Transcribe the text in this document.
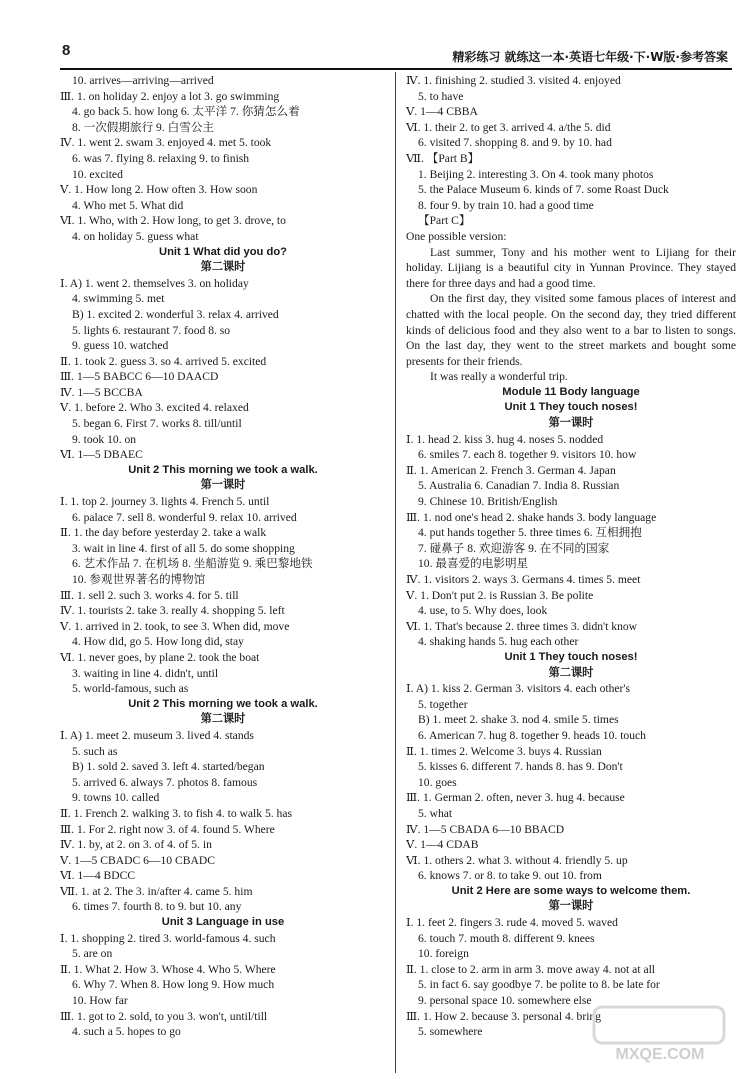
8	精彩练习 就练这一本·英语七年级·下·W版·参考答案
10. arrives—arriving—arrived
Ⅲ. 1. on holiday 2. enjoy a lot 3. go swimming
4. go back 5. how long 6. 太平洋 7. 你猜怎么着
8. 一次假期旅行 9. 白雪公主
Ⅳ. 1. went 2. swam 3. enjoyed 4. met 5. took
6. was 7. flying 8. relaxing 9. to finish
10. excited
Ⅴ. 1. How long 2. How often 3. How soon
4. Who met 5. What did
Ⅵ. 1. Who, with 2. How long, to get 3. drove, to
4. on holiday 5. guess what
Unit 1 What did you do?
第二课时
Ⅰ. A) 1. went 2. themselves 3. on holiday
4. swimming 5. met
B) 1. excited 2. wonderful 3. relax 4. arrived
5. lights 6. restaurant 7. food 8. so
9. guess 10. watched
Ⅱ. 1. took 2. guess 3. so 4. arrived 5. excited
Ⅲ. 1—5 BABCC 6—10 DAACD
Ⅳ. 1—5 BCCBA
Ⅴ. 1. before 2. Who 3. excited 4. relaxed
5. began 6. First 7. works 8. till/until
9. took 10. on
Ⅵ. 1—5 DBAEC
Unit 2 This morning we took a walk.
第一课时
Ⅰ. 1. top 2. journey 3. lights 4. French 5. until
6. palace 7. sell 8. wonderful 9. relax 10. arrived
Ⅱ. 1. the day before yesterday 2. take a walk
3. wait in line 4. first of all 5. do some shopping
6. 艺术作品 7. 在机场 8. 坐船游览 9. 乘巴黎地铁
10. 参观世界著名的博物馆
Ⅲ. 1. sell 2. such 3. works 4. for 5. till
Ⅳ. 1. tourists 2. take 3. really 4. shopping 5. left
Ⅴ. 1. arrived in 2. took, to see 3. When did, move
4. How did, go 5. How long did, stay
Ⅵ. 1. never goes, by plane 2. took the boat
3. waiting in line 4. didn't, until
5. world-famous, such as
Unit 2 This morning we took a walk.
第二课时
Ⅰ. A) 1. meet 2. museum 3. lived 4. stands
5. such as
B) 1. sold 2. saved 3. left 4. started/began
5. arrived 6. always 7. photos 8. famous
9. towns 10. called
Ⅱ. 1. French 2. walking 3. to fish 4. to walk 5. has
Ⅲ. 1. For 2. right now 3. of 4. found 5. Where
Ⅳ. 1. by, at 2. on 3. of 4. of 5. in
Ⅴ. 1—5 CBADC 6—10 CBADC
Ⅵ. 1—4 BDCC
Ⅶ. 1. at 2. The 3. in/after 4. came 5. him
6. times 7. fourth 8. to 9. but 10. any
Unit 3 Language in use
Ⅰ. 1. shopping 2. tired 3. world-famous 4. such
5. are on
Ⅱ. 1. What 2. How 3. Whose 4. Who 5. Where
6. Why 7. When 8. How long 9. How much
10. How far
Ⅲ. 1. got to 2. sold, to you 3. won't, until/till
4. such a 5. hopes to go
Ⅳ. 1. finishing 2. studied 3. visited 4. enjoyed
5. to have
Ⅴ. 1—4 CBBA
Ⅵ. 1. their 2. to get 3. arrived 4. a/the 5. did
6. visited 7. shopping 8. and 9. by 10. had
Ⅶ. 【Part B】
1. Beijing 2. interesting 3. On 4. took many photos
5. the Palace Museum 6. kinds of 7. some Roast Duck
8. four 9. by train 10. had a good time
【Part C】
One possible version:
Last summer, Tony and his mother went to Lijiang for their holiday. Lijiang is a beautiful city in Yunnan Province. They stayed there for three days and had a good time.
On the first day, they visited some famous places of interest and chatted with the local people. On the second day, they tried different kinds of delicious food and they also went to a bar to listen to songs. On the last day, they went to the street markets and bought some presents for their friends.
It was really a wonderful trip.
Module 11 Body language
Unit 1 They touch noses!
第一课时
Ⅰ. 1. head 2. kiss 3. hug 4. noses 5. nodded
6. smiles 7. each 8. together 9. visitors 10. how
Ⅱ. 1. American 2. French 3. German 4. Japan
5. Australia 6. Canadian 7. India 8. Russian
9. Chinese 10. British/English
Ⅲ. 1. nod one's head 2. shake hands 3. body language
4. put hands together 5. three times 6. 互相拥抱
7. 碰鼻子 8. 欢迎游客 9. 在不同的国家
10. 最喜爱的电影明星
Ⅳ. 1. visitors 2. ways 3. Germans 4. times 5. meet
Ⅴ. 1. Don't put 2. is Russian 3. Be polite
4. use, to 5. Why does, look
Ⅵ. 1. That's because 2. three times 3. didn't know
4. shaking hands 5. hug each other
Unit 1 They touch noses!
第二课时
Ⅰ. A) 1. kiss 2. German 3. visitors 4. each other's
5. together
B) 1. meet 2. shake 3. nod 4. smile 5. times
6. American 7. hug 8. together 9. heads 10. touch
Ⅱ. 1. times 2. Welcome 3. buys 4. Russian
5. kisses 6. different 7. hands 8. has 9. Don't
10. goes
Ⅲ. 1. German 2. often, never 3. hug 4. because
5. what
Ⅳ. 1—5 CBADA 6—10 BBACD
Ⅴ. 1—4 CDAB
Ⅵ. 1. others 2. what 3. without 4. friendly 5. up
6. knows 7. or 8. to take 9. out 10. from
Unit 2 Here are some ways to welcome them.
第一课时
Ⅰ. 1. feet 2. fingers 3. rude 4. moved 5. waved
6. touch 7. mouth 8. different 9. knees
10. foreign
Ⅱ. 1. close to 2. arm in arm 3. move away 4. not at all
5. in fact 6. say goodbye 7. be polite to 8. be late for
9. personal space 10. somewhere else
Ⅲ. 1. How 2. because 3. personal 4. bring
5. somewhere
MXQE.COM
